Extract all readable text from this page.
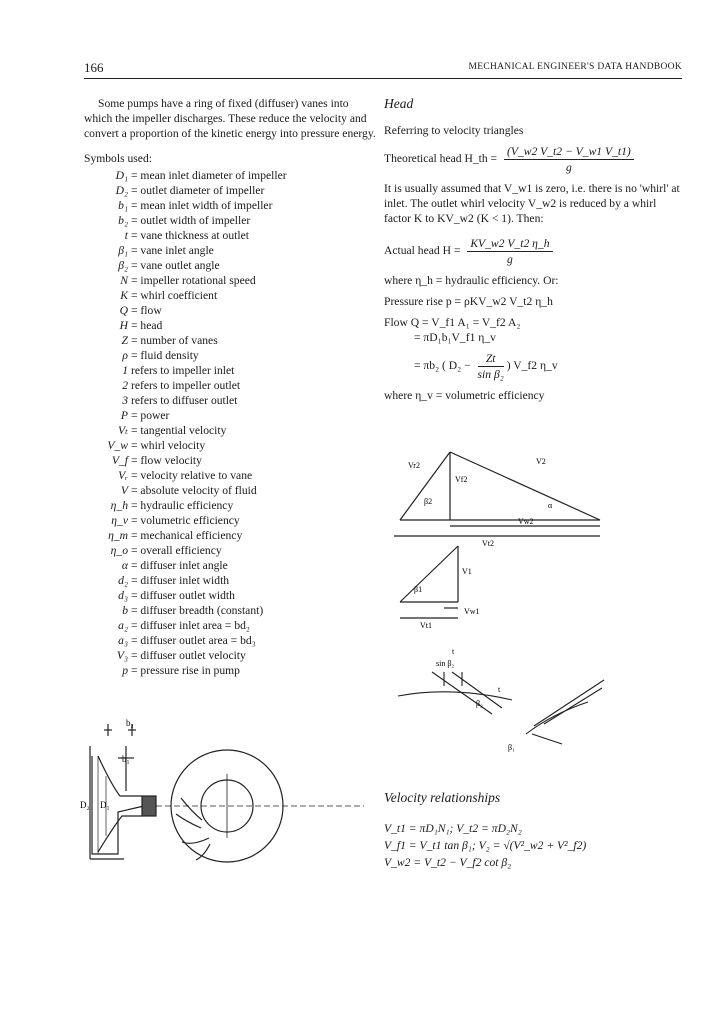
166	MECHANICAL ENGINEER'S DATA HANDBOOK

Some pumps have a ring of fixed (diffuser) vanes into which the impeller discharges. These reduce the velocity and convert a proportion of the kinetic energy into pressure energy.

Symbols used:

D₁ = mean inlet diameter of impeller

D₂ = outlet diameter of impeller

b₁ = mean inlet width of impeller

b₂ = outlet width of impeller

t = vane thickness at outlet

β₁ = vane inlet angle

β₂ = vane outlet angle

N = impeller rotational speed

K = whirl coefficient

Q = flow

H = head

Z = number of vanes

ρ = fluid density

1 refers to impeller inlet

2 refers to impeller outlet

3 refers to diffuser outlet

P = power

Vₜ = tangential velocity

V_w = whirl velocity

V_f = flow velocity

Vᵣ = velocity relative to vane

V = absolute velocity of fluid

η_h = hydraulic efficiency

η_v = volumetric efficiency

η_m = mechanical efficiency

η_o = overall efficiency

α = diffuser inlet angle

d₂ = diffuser inlet width

d₃ = diffuser outlet width

b = diffuser breadth (constant)

a₂ = diffuser inlet area = bd₂

a₃ = diffuser outlet area = bd₃

V₃ = diffuser outlet velocity

p = pressure rise in pump

b₂
b₁
D₂ D₁

Head

Referring to velocity triangles

Theoretical head H_th = $\frac{(V\_w2 V\_t2 - V\_w1 V\_t1)}{g}$

It is usually assumed that V_w1 is zero, i.e. there is no 'whirl' at inlet. The outlet whirl velocity V_w2 is reduced by a whirl factor K to KV_w2 (K < 1). Then:

Actual head $H = \frac{KV\_w2 V\_t2 \eta\_h}{g}$

where η_h = hydraulic efficiency. Or:

Pressure rise p = ρKV_w2 V_t2 η_h

Flow Q = V_f1 A₁ = V_f2 A₂

= πD₁b₁V_f1 η_v

= πb₂ ( $D_2 - \frac{Zt}{\text{sin β₂}}$ ) V_f2 η_v

where η_v = volumetric efficiency

Vr2	V2
Vf2
β2	α
Vw2
Vt2
V1
β1
Vt1
Vw1
t
sin β₂
t
β₂
β₁

Velocity relationships

V_t1 = πD₁N₁; V_t2 = πD₂N₂

V_f1 = V_t1 tan β₁; V₂ = √(V²_w2 + V²_f2)

V_w2 = V_t2 − V_f2 cot β₂
